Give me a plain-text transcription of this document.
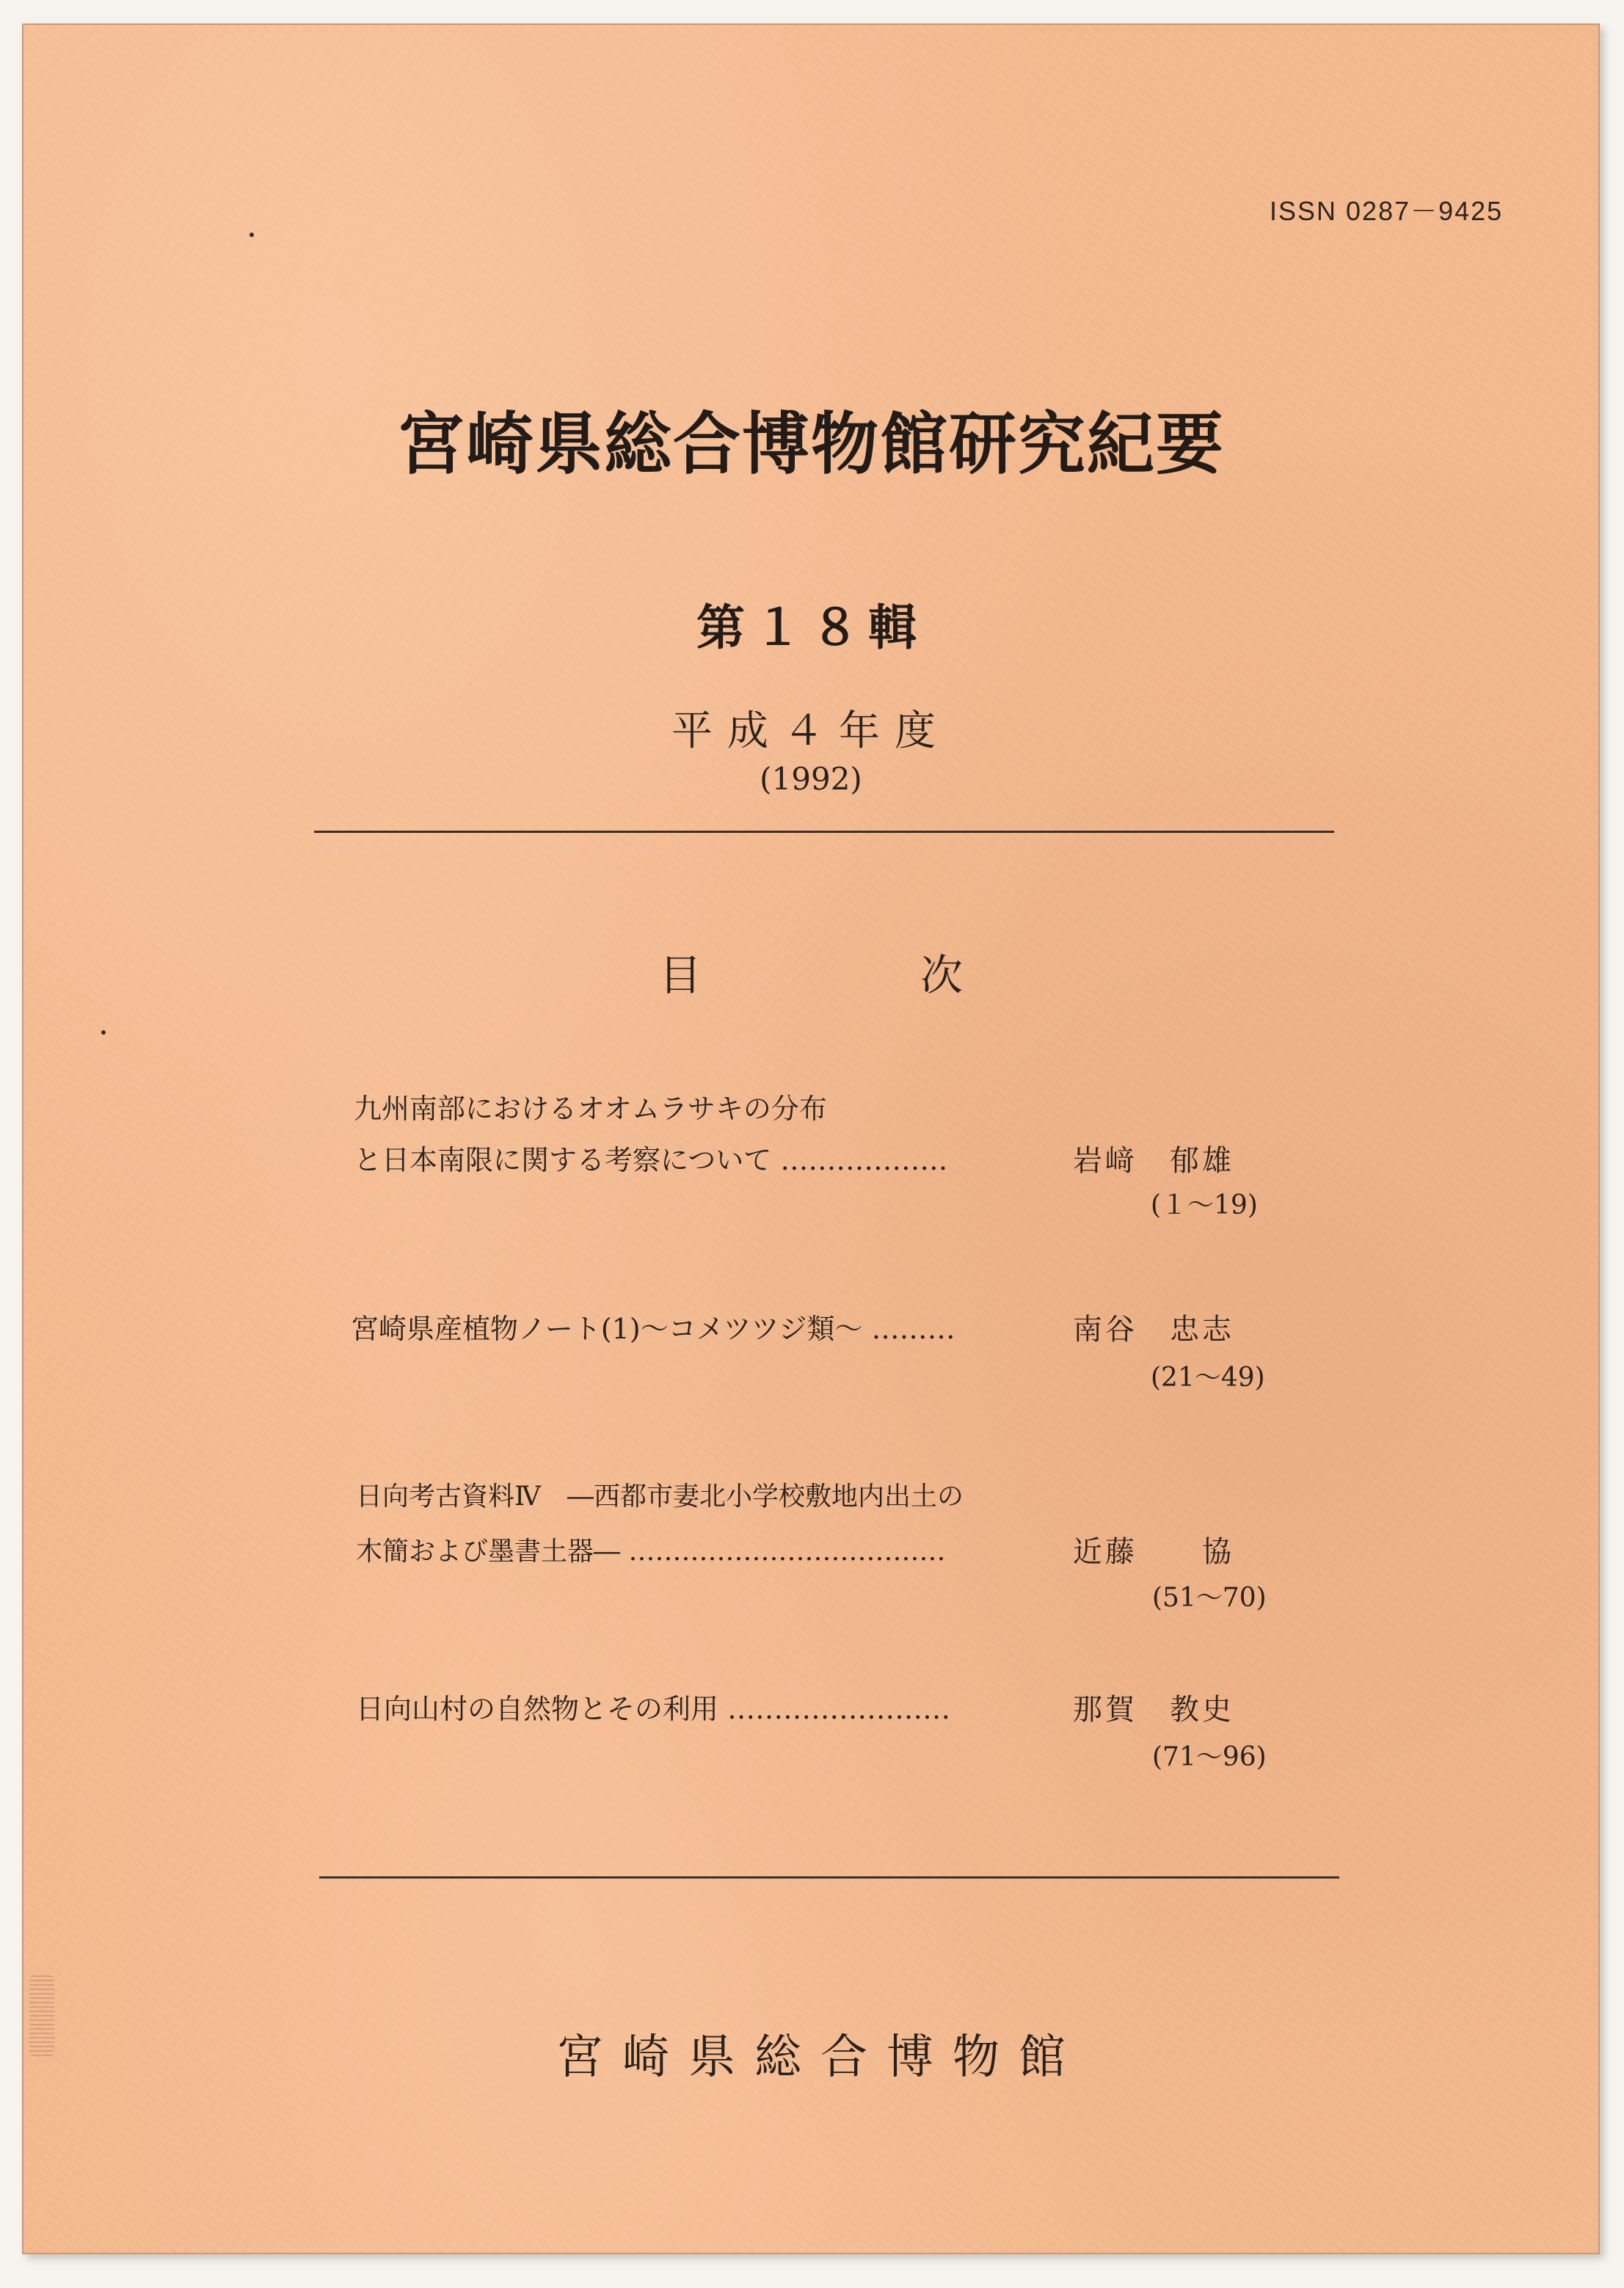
ISSN 0287－9425
宮崎県総合博物館研究紀要
第１８輯
平成４年度
(1992)
目　次
九州南部におけるオオムラサキの分布
と日本南限に関する考察について ………………	岩﨑　郁雄
(１～19)
宮崎県産植物ノート(1)～コメツツジ類～ ………	南谷　忠志
(21～49)
日向考古資料Ⅳ　―西都市妻北小学校敷地内出土の
木簡および墨書土器― ………………………………	近藤　　協
(51～70)
日向山村の自然物とその利用 ……………………	那賀　教史
(71～96)
宮崎県総合博物館
